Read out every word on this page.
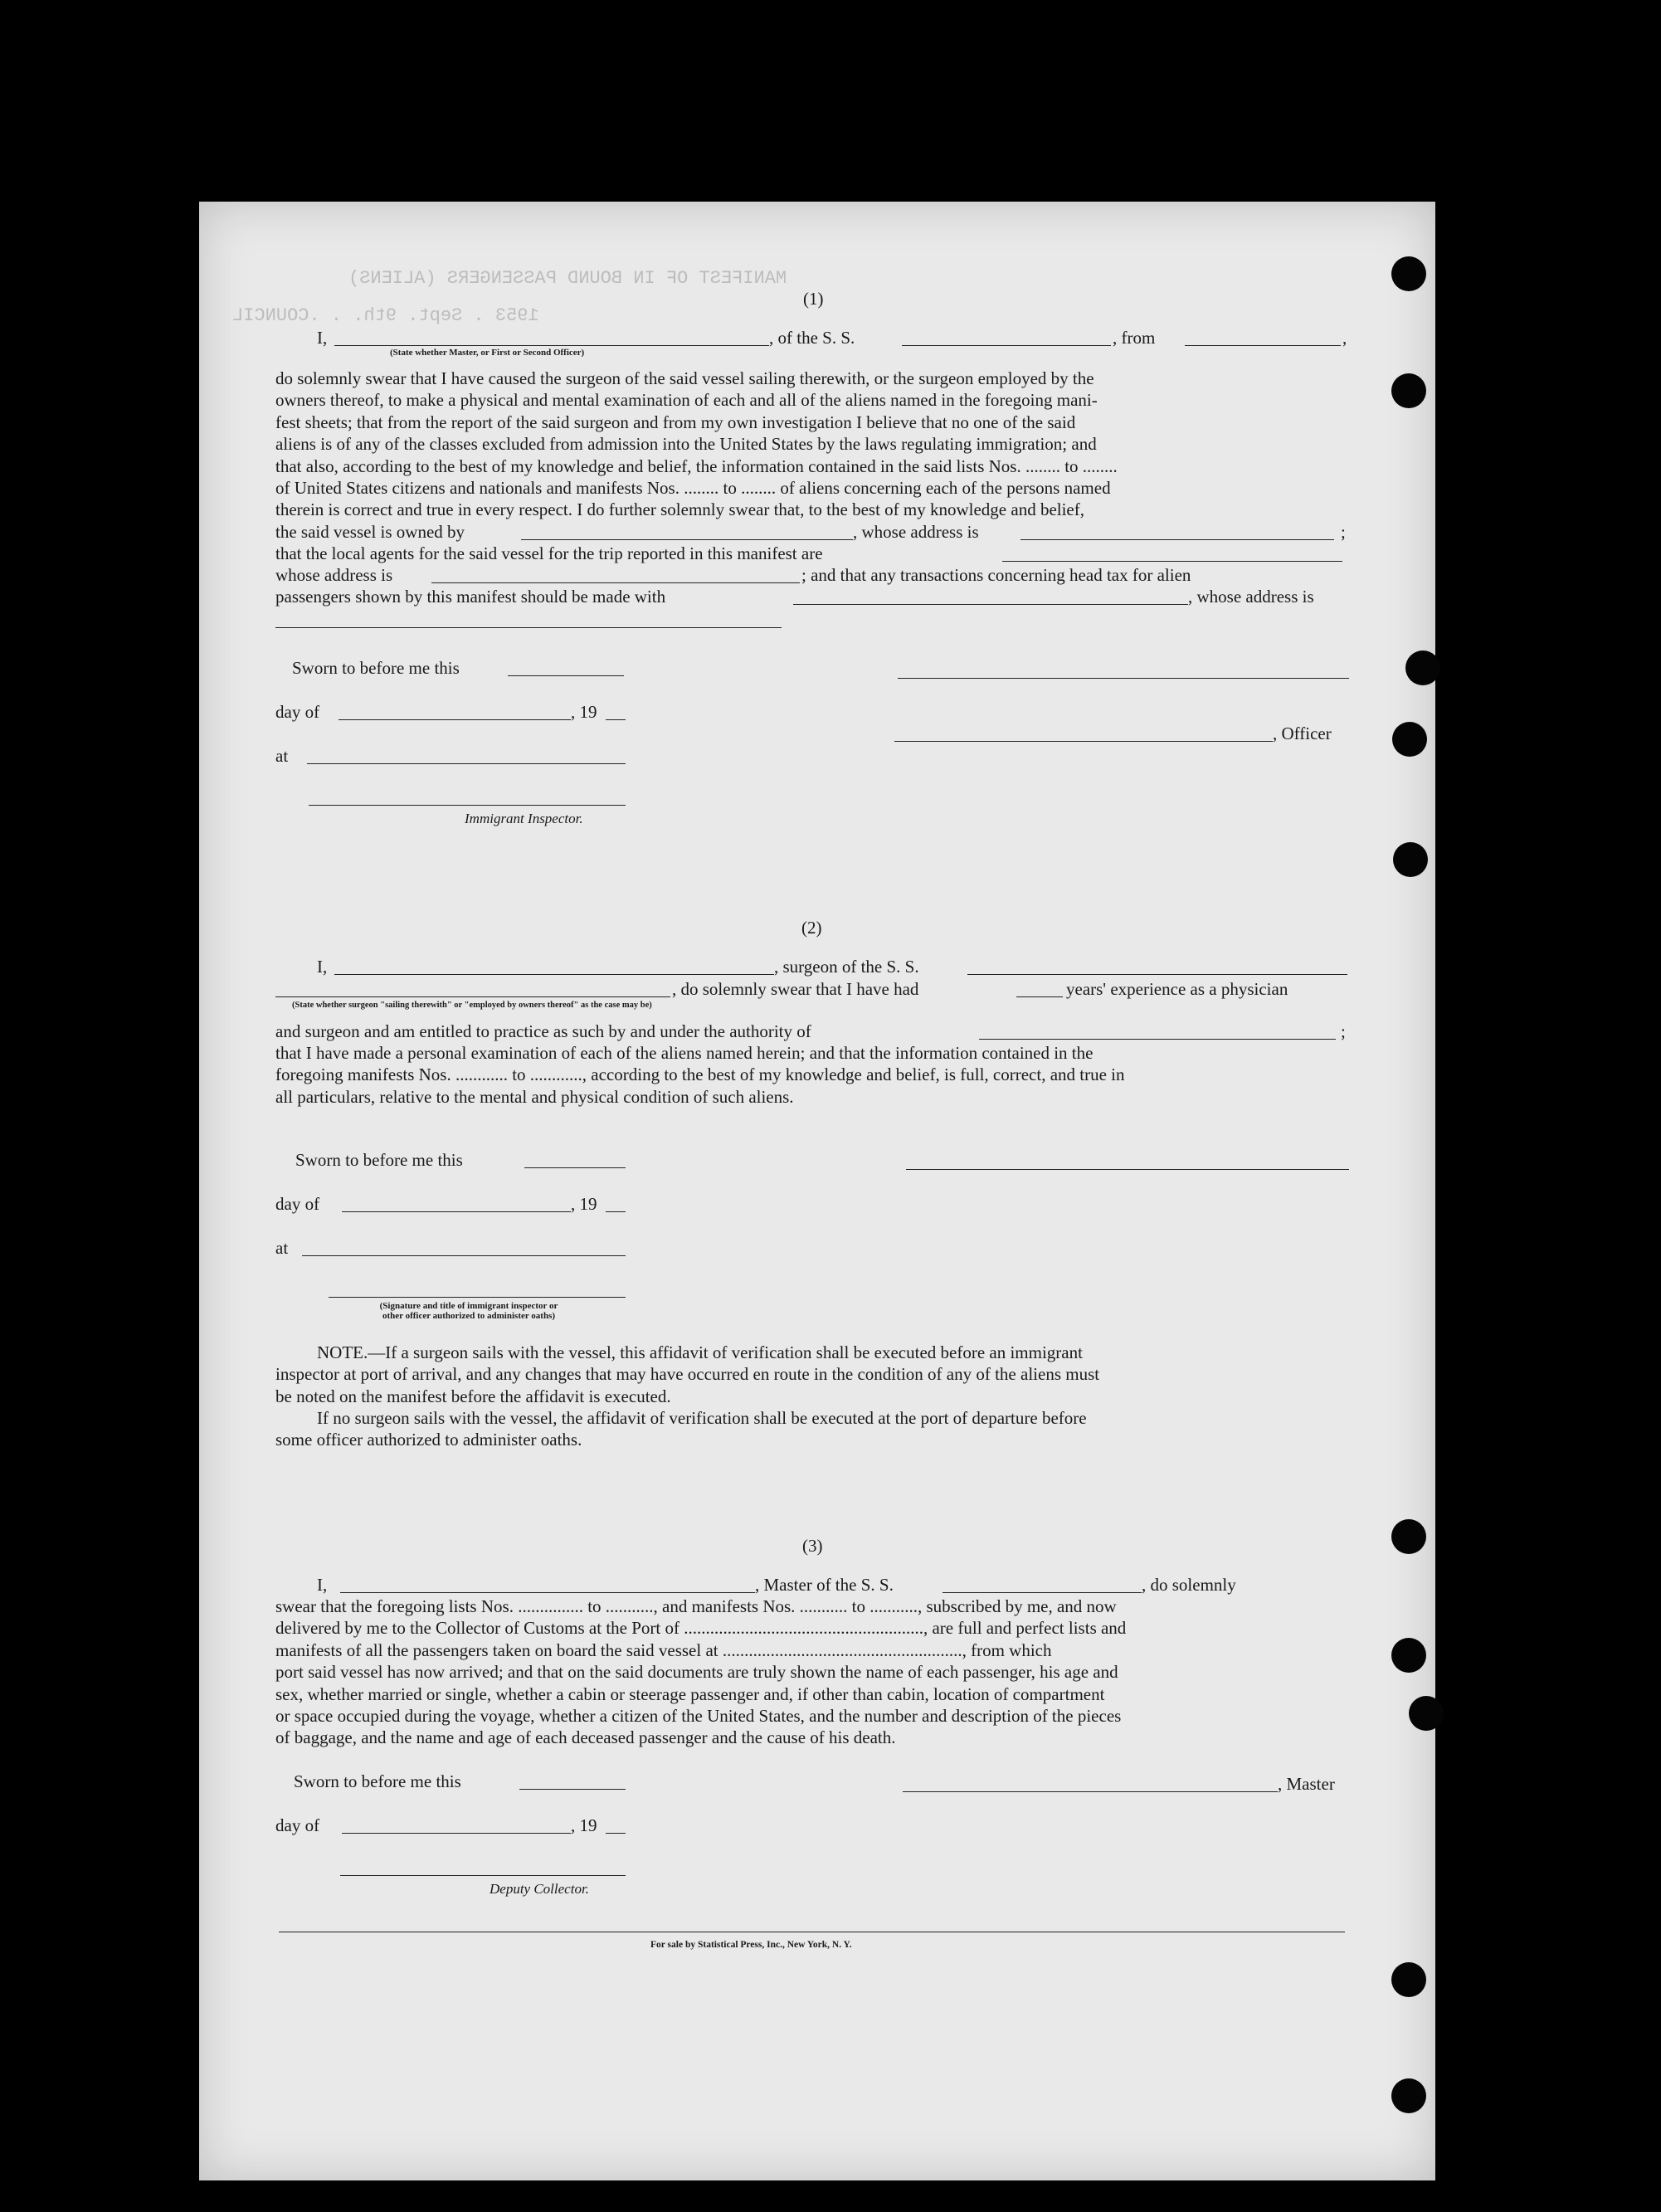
MANIFEST OF IN BOUND PASSENGERS (ALIENS)
1953 . Sept. 9th. . .COUNCIL
(1)
I,
(State whether Master, or First or Second Officer)
, of the S. S.	, from	,
do solemnly swear that I have caused the surgeon of the said vessel sailing therewith, or the surgeon employed by the
owners thereof, to make a physical and mental examination of each and all of the aliens named in the foregoing mani-
fest sheets; that from the report of the said surgeon and from my own investigation I believe that no one of the said
aliens is of any of the classes excluded from admission into the United States by the laws regulating immigration; and
that also, according to the best of my knowledge and belief, the information contained in the said lists Nos. ........ to ........
of United States citizens and nationals and manifests Nos. ........ to ........ of aliens concerning each of the persons named
therein is correct and true in every respect. I do further solemnly swear that, to the best of my knowledge and belief,
the said vessel is owned by	, whose address is	;
that the local agents for the said vessel for the trip reported in this manifest are
whose address is	; and that any transactions concerning head tax for alien
passengers shown by this manifest should be made with	, whose address is
Sworn to before me this
day of	, 19
, Officer
at
Immigrant Inspector.
(2)
I,	, surgeon of the S. S.
, do solemnly swear that I have had	years' experience as a physician
(State whether surgeon "sailing therewith" or "employed by owners thereof" as the case may be)
and surgeon and am entitled to practice as such by and under the authority of	;
that I have made a personal examination of each of the aliens named herein; and that the information contained in the
foregoing manifests Nos. ............ to ............, according to the best of my knowledge and belief, is full, correct, and true in
all particulars, relative to the mental and physical condition of such aliens.
Sworn to before me this
day of	, 19
at
(Signature and title of immigrant inspector or
other officer authorized to administer oaths)
NOTE.—If a surgeon sails with the vessel, this affidavit of verification shall be executed before an immigrant
inspector at port of arrival, and any changes that may have occurred en route in the condition of any of the aliens must
be noted on the manifest before the affidavit is executed.
If no surgeon sails with the vessel, the affidavit of verification shall be executed at the port of departure before
some officer authorized to administer oaths.
(3)
I,	, Master of the S. S.	, do solemnly
swear that the foregoing lists Nos. ............... to ..........., and manifests Nos. ........... to ..........., subscribed by me, and now
delivered by me to the Collector of Customs at the Port of ......................................................., are full and perfect lists and
manifests of all the passengers taken on board the said vessel at ......................................................., from which
port said vessel has now arrived; and that on the said documents are truly shown the name of each passenger, his age and
sex, whether married or single, whether a cabin or steerage passenger and, if other than cabin, location of compartment
or space occupied during the voyage, whether a citizen of the United States, and the number and description of the pieces
of baggage, and the name and age of each deceased passenger and the cause of his death.
Sworn to before me this	, Master
day of	, 19
Deputy Collector.
For sale by Statistical Press, Inc., New York, N. Y.
